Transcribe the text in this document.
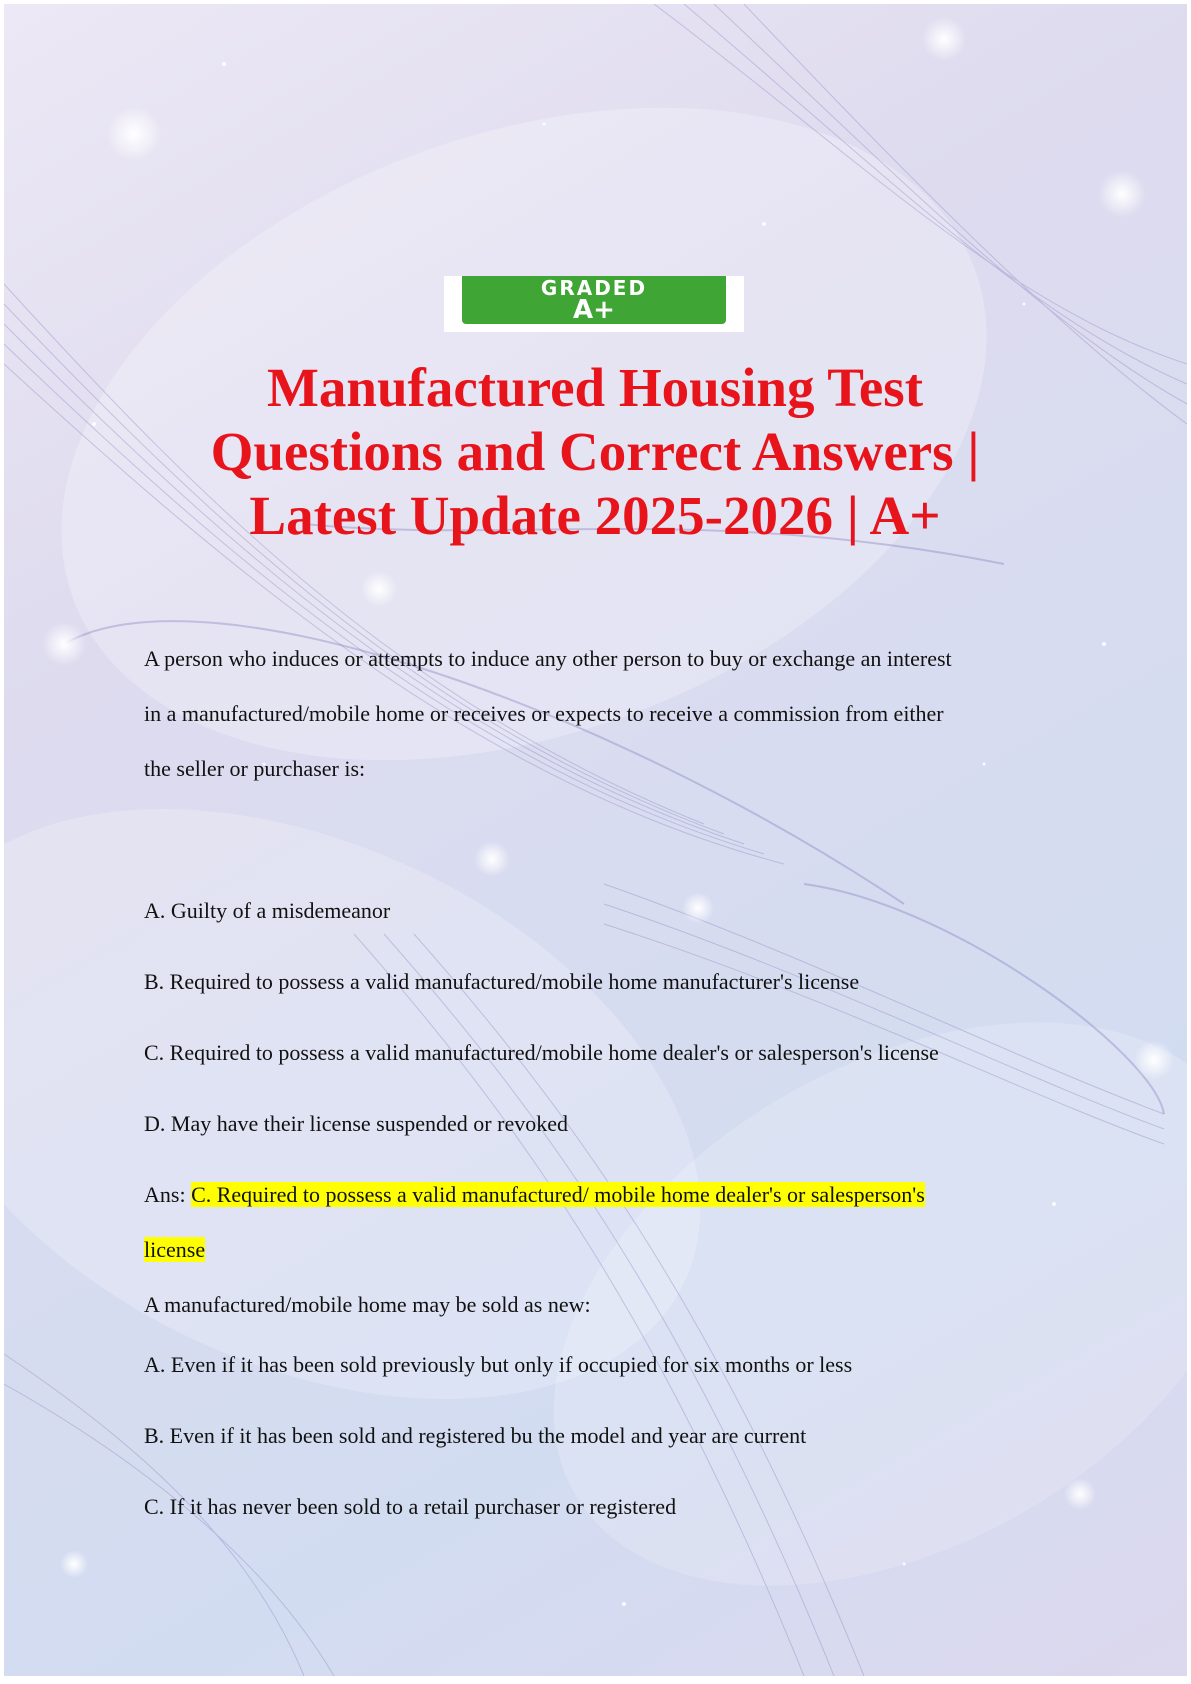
GRADED
A+
Manufactured Housing Test
Questions and Correct Answers |
Latest Update 2025-2026 | A+
A person who induces or attempts to induce any other person to buy or exchange an interest
in a manufactured/mobile home or receives or expects to receive a commission from either
the seller or purchaser is:
A. Guilty of a misdemeanor
B. Required to possess a valid manufactured/mobile home manufacturer's license
C. Required to possess a valid manufactured/mobile home dealer's or salesperson's license
D. May have their license suspended or revoked
Ans: C. Required to possess a valid manufactured/ mobile home dealer's or salesperson's
license
A manufactured/mobile home may be sold as new:
A. Even if it has been sold previously but only if occupied for six months or less
B. Even if it has been sold and registered bu the model and year are current
C. If it has never been sold to a retail purchaser or registered
